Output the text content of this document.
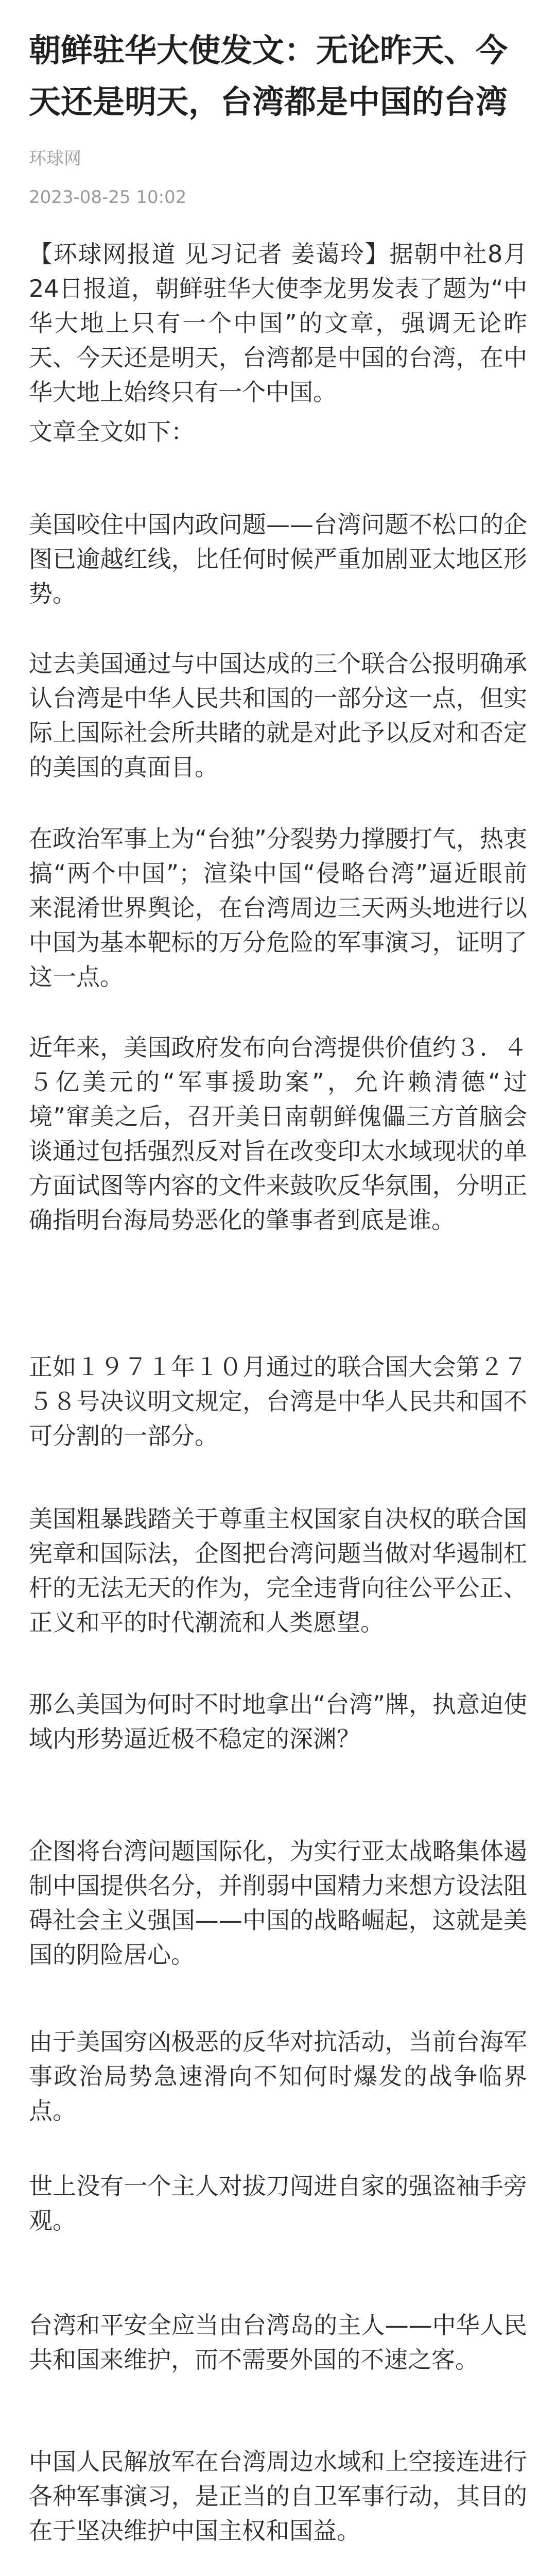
朝鲜驻华大使发文：无论昨天、今天还是明天，台湾都是中国的台湾
环球网
2023-08-25 10:02

【环球网报道 见习记者 姜蔼玲】据朝中社8月24日报道，朝鲜驻华大使李龙男发表了题为“中华大地上只有一个中国”的文章，强调无论昨天、今天还是明天，台湾都是中国的台湾，在中华大地上始终只有一个中国。

文章全文如下：

美国咬住中国内政问题——台湾问题不松口的企图已逾越红线，比任何时候严重加剧亚太地区形势。

过去美国通过与中国达成的三个联合公报明确承认台湾是中华人民共和国的一部分这一点，但实际上国际社会所共睹的就是对此予以反对和否定的美国的真面目。

在政治军事上为“台独”分裂势力撑腰打气，热衷搞“两个中国”；渲染中国“侵略台湾”逼近眼前来混淆世界舆论，在台湾周边三天两头地进行以中国为基本靶标的万分危险的军事演习，证明了这一点。

近年来，美国政府发布向台湾提供价值约３．４５亿美元的“军事援助案”，允许赖清德“过境”窜美之后，召开美日南朝鲜傀儡三方首脑会谈通过包括强烈反对旨在改变印太水域现状的单方面试图等内容的文件来鼓吹反华氛围，分明正确指明台海局势恶化的肇事者到底是谁。

正如１９７１年１０月通过的联合国大会第２７５８号决议明文规定，台湾是中华人民共和国不可分割的一部分。

美国粗暴践踏关于尊重主权国家自决权的联合国宪章和国际法，企图把台湾问题当做对华遏制杠杆的无法无天的作为，完全违背向往公平公正、正义和平的时代潮流和人类愿望。

那么美国为何时不时地拿出“台湾”牌，执意迫使域内形势逼近极不稳定的深渊？

企图将台湾问题国际化，为实行亚太战略集体遏制中国提供名分，并削弱中国精力来想方设法阻碍社会主义强国——中国的战略崛起，这就是美国的阴险居心。

由于美国穷凶极恶的反华对抗活动，当前台海军事政治局势急速滑向不知何时爆发的战争临界点。

世上没有一个主人对拔刀闯进自家的强盗袖手旁观。

台湾和平安全应当由台湾岛的主人——中华人民共和国来维护，而不需要外国的不速之客。

中国人民解放军在台湾周边水域和上空接连进行各种军事演习，是正当的自卫军事行动，其目的在于坚决维护中国主权和国益。
